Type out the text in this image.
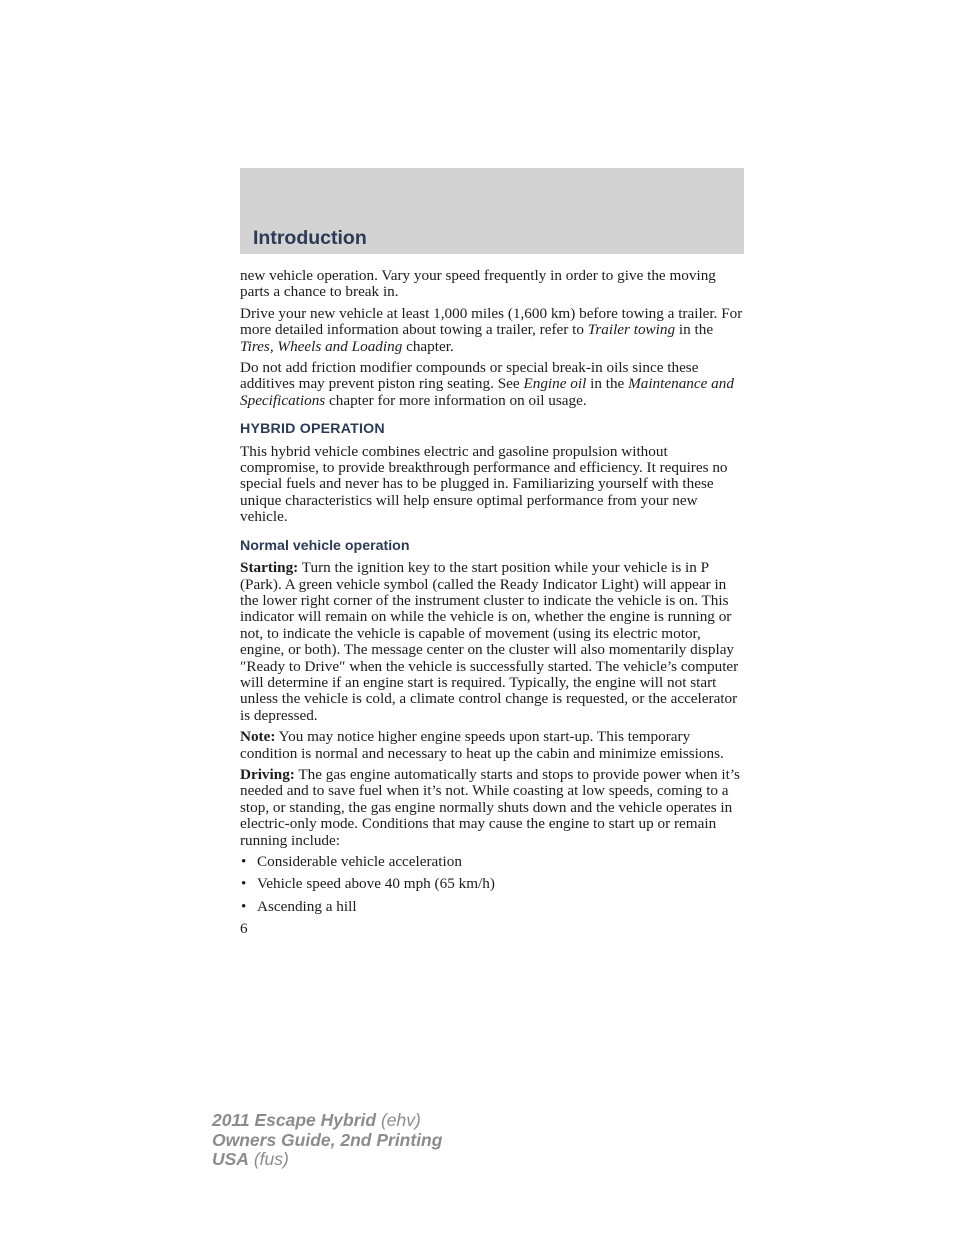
Introduction

new vehicle operation. Vary your speed frequently in order to give the moving parts a chance to break in.

Drive your new vehicle at least 1,000 miles (1,600 km) before towing a trailer. For more detailed information about towing a trailer, refer to Trailer towing in the Tires, Wheels and Loading chapter.

Do not add friction modifier compounds or special break-in oils since these additives may prevent piston ring seating. See Engine oil in the Maintenance and Specifications chapter for more information on oil usage.

HYBRID OPERATION

This hybrid vehicle combines electric and gasoline propulsion without compromise, to provide breakthrough performance and efficiency. It requires no special fuels and never has to be plugged in. Familiarizing yourself with these unique characteristics will help ensure optimal performance from your new vehicle.

Normal vehicle operation

Starting: Turn the ignition key to the start position while your vehicle is in P (Park). A green vehicle symbol (called the Ready Indicator Light) will appear in the lower right corner of the instrument cluster to indicate the vehicle is on. This indicator will remain on while the vehicle is on, whether the engine is running or not, to indicate the vehicle is capable of movement (using its electric motor, engine, or both). The message center on the cluster will also momentarily display ″Ready to Drive″ when the vehicle is successfully started. The vehicle’s computer will determine if an engine start is required. Typically, the engine will not start unless the vehicle is cold, a climate control change is requested, or the accelerator is depressed.

Note: You may notice higher engine speeds upon start-up. This temporary condition is normal and necessary to heat up the cabin and minimize emissions.

Driving: The gas engine automatically starts and stops to provide power when it’s needed and to save fuel when it’s not. While coasting at low speeds, coming to a stop, or standing, the gas engine normally shuts down and the vehicle operates in electric-only mode. Conditions that may cause the engine to start up or remain running include:

• Considerable vehicle acceleration
• Vehicle speed above 40 mph (65 km/h)
• Ascending a hill
6
2011 Escape Hybrid (ehv)
Owners Guide, 2nd Printing
USA (fus)
